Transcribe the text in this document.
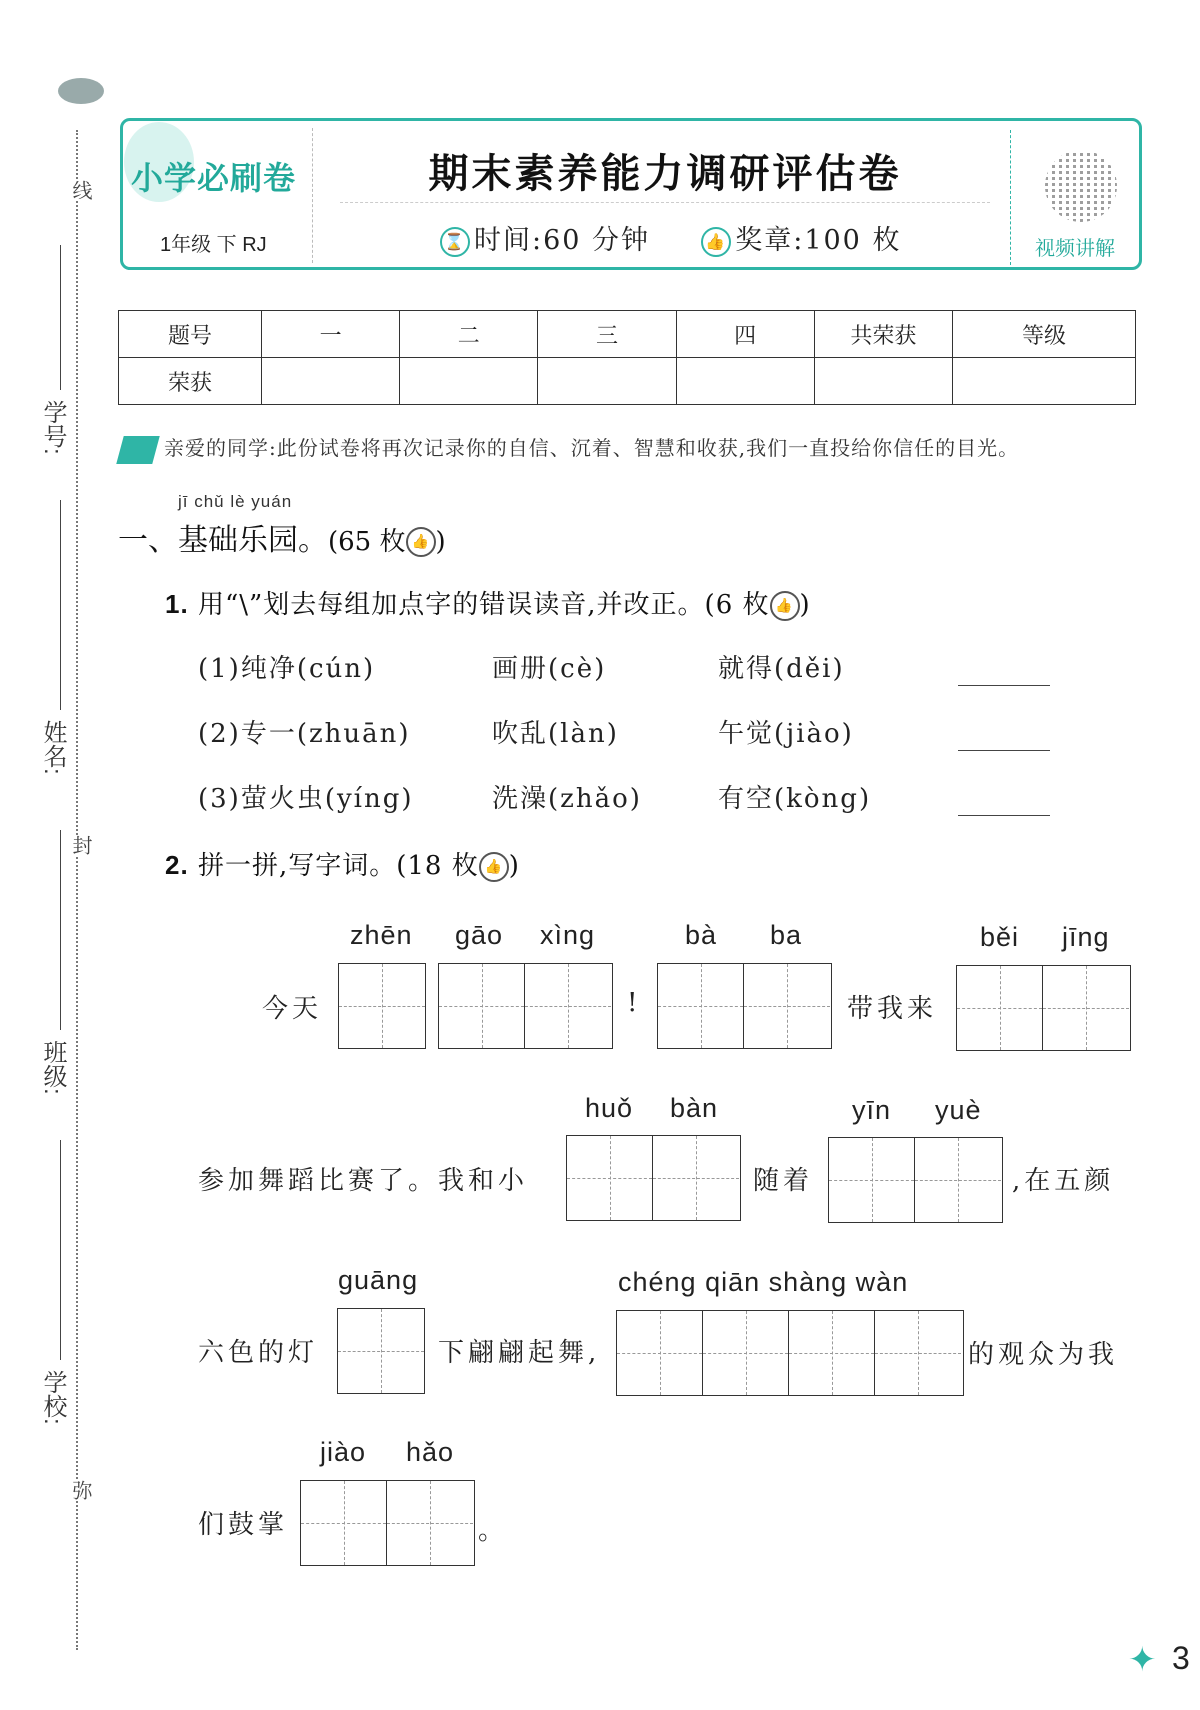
线
封
弥
学号:
姓名:
班级:
学校:
小学必刷卷
1年级 下 RJ
期末素养能力调研评估卷
⌛ 时间:60 分钟	👍 奖章:100 枚	视频讲解
题号	一	二	三	四	共荣获	等级
荣获						
亲爱的同学:此份试卷将再次记录你的自信、沉着、智慧和收获,我们一直投给你信任的目光。
jī chǔ lè yuán
一、基础乐园。(65 枚 👍 )
1. 用“\”划去每组加点字的错误读音,并改正。(6 枚 👍 )
(1)纯净(cún)	画册(cè)	就得(děi)
(2)专一(zhuān)	吹乱(làn)	午觉(jiào)
(3)萤火虫(yíng)	洗澡(zhǎo)	有空(kòng)
2. 拼一拼,写字词。(18 枚 👍 )
zhēn gāo xìng	bà ba	běi jīng
今天	!	带我来
huǒ bàn	yīn yuè
参加舞蹈比赛了。我和小	随着	,在五颜
guāng	chéng qiān shàng wàn
六色的灯	下翩翩起舞,	的观众为我
jiào hǎo
们鼓掌	。
✦ 3
